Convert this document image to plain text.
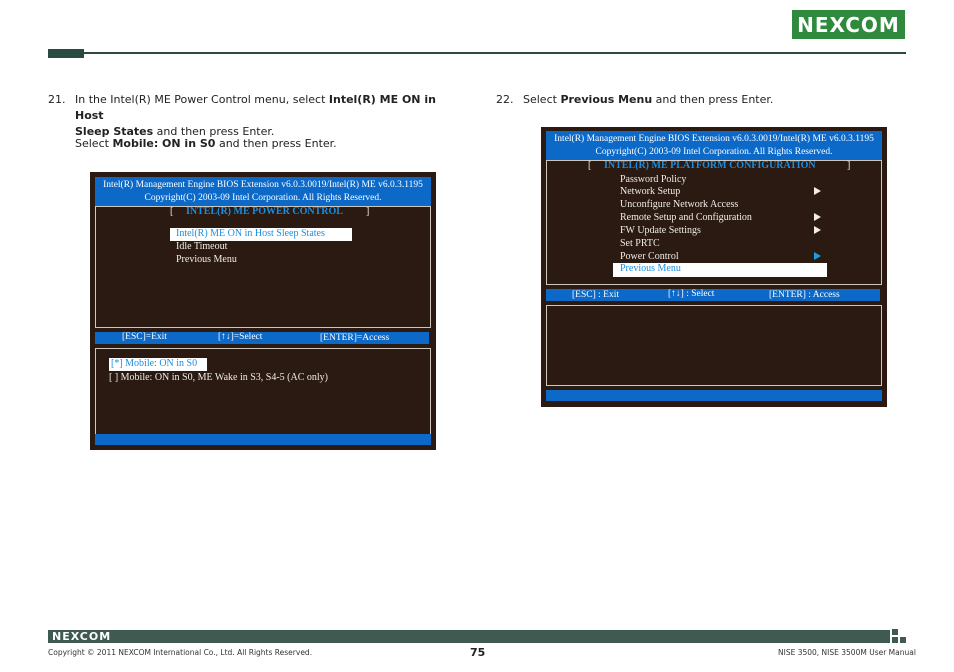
NEXCOM
21. In the Intel(R) ME Power Control menu, select Intel(R) ME ON in Host
Sleep States and then press Enter.
Select Mobile: ON in S0 and then press Enter.
Intel(R) Management Engine BIOS Extension v6.0.3.0019/Intel(R) ME v6.0.3.1195
Copyright(C) 2003-09 Intel Corporation. All Rights Reserved.
[ INTEL(R) ME POWER CONTROL ]
Intel(R) ME ON in Host Sleep States
Idle Timeout
Previous Menu
[ESC]=Exit	[↑↓]=Select	[ENTER]=Access
[*] Mobile: ON in S0
[ ] Mobile: ON in S0, ME Wake in S3, S4-5 (AC only)
22. Select Previous Menu and then press Enter.
Intel(R) Management Engine BIOS Extension v6.0.3.0019/Intel(R) ME v6.0.3.1195
Copyright(C) 2003-09 Intel Corporation. All Rights Reserved.
[ INTEL(R) ME PLATFORM CONFIGURATION	]
Password Policy
Network Setup
Unconfigure Network Access
Remote Setup and Configuration
FW Update Settings
Set PRTC
Power Control
Previous Menu
[ESC] : Exit	[↑↓] : Select	[ENTER] : Access
NEXCOM
Copyright © 2011 NEXCOM International Co., Ltd. All Rights Reserved.	75	NISE 3500, NISE 3500M User Manual
